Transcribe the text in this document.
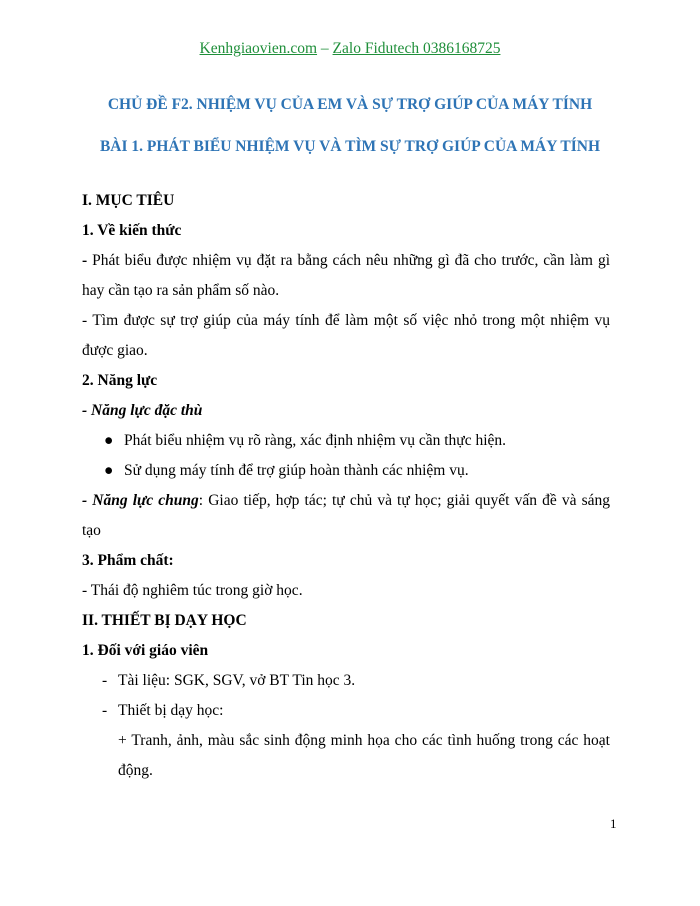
Kenhgiaovien.com – Zalo Fidutech 0386168725
CHỦ ĐỀ F2. NHIỆM VỤ CỦA EM VÀ SỰ TRỢ GIÚP CỦA MÁY TÍNH
BÀI 1. PHÁT BIỂU NHIỆM VỤ VÀ TÌM SỰ TRỢ GIÚP CỦA MÁY TÍNH
I. MỤC TIÊU
1. Về kiến thức
- Phát biểu được nhiệm vụ đặt ra bằng cách nêu những gì đã cho trước, cần làm gì hay cần tạo ra sản phẩm số nào.
- Tìm được sự trợ giúp của máy tính để làm một số việc nhỏ trong một nhiệm vụ được giao.
2. Năng lực
- Năng lực đặc thù
● Phát biểu nhiệm vụ rõ ràng, xác định nhiệm vụ cần thực hiện.
● Sử dụng máy tính để trợ giúp hoàn thành các nhiệm vụ.
- Năng lực chung: Giao tiếp, hợp tác; tự chủ và tự học; giải quyết vấn đề và sáng tạo
3. Phẩm chất:
- Thái độ nghiêm túc trong giờ học.
II. THIẾT BỊ DẠY HỌC
1. Đối với giáo viên
- Tài liệu: SGK, SGV, vở BT Tin học 3.
- Thiết bị dạy học:
+ Tranh, ảnh, màu sắc sinh động minh họa cho các tình huống trong các hoạt động.
1
